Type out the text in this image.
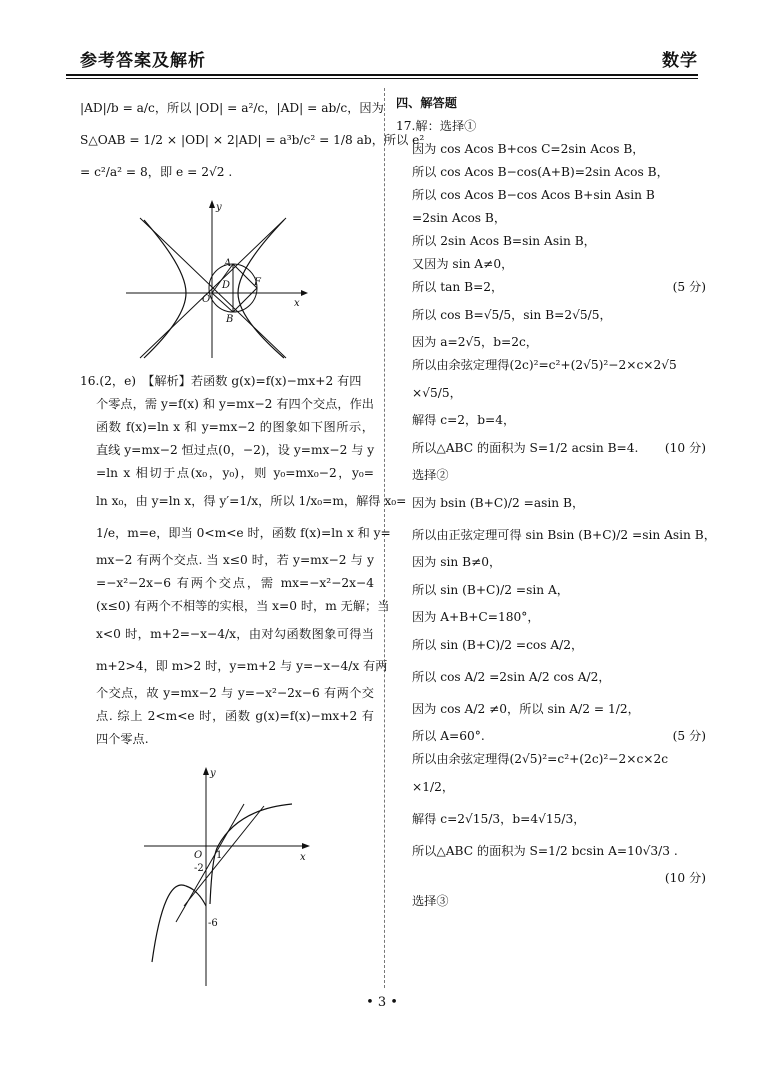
参考答案及解析	数学
|AD|/b = a/c，所以 |OD| = a²/c，|AD| = ab/c，因为
S△OAB = 1/2 × |OD| × 2|AD| = a³b/c² = 1/8 ab，所以 e²
= c²/a² = 8，即 e = 2√2 .
y
x
O
A
B
D F
16.(2，e)　【解析】若函数 g(x)=f(x)−mx+2 有四
个零点，需 y=f(x) 和 y=mx−2 有四个交点，作出
函数 f(x)=ln x 和 y=mx−2 的图象如下图所示，
直线 y=mx−2 恒过点(0，−2)，设 y=mx−2 与 y
=ln x 相切于点(x₀，y₀)，则 y₀=mx₀−2，y₀=
ln x₀，由 y=ln x，得 y′=1/x，所以 1/x₀=m，解得 x₀=
1/e，m=e，即当 0<m<e 时，函数 f(x)=ln x 和 y=
mx−2 有两个交点. 当 x≤0 时，若 y=mx−2 与 y
=−x²−2x−6 有两个交点，需 mx=−x²−2x−4
(x≤0) 有两个不相等的实根，当 x=0 时，m 无解；当
x<0 时，m+2=−x−4/x，由对勾函数图象可得当
m+2>4，即 m>2 时，y=m+2 与 y=−x−4/x 有两
个交点，故 y=mx−2 与 y=−x²−2x−6 有两个交
点. 综上 2<m<e 时，函数 g(x)=f(x)−mx+2 有
四个零点.
y
x
O 1
-2
-6
四、解答题
17.解：选择①
因为 cos Acos B+cos C=2sin Acos B，
所以 cos Acos B−cos(A+B)=2sin Acos B，
所以 cos Acos B−cos Acos B+sin Asin B
=2sin Acos B，
所以 2sin Acos B=sin Asin B，
又因为 sin A≠0，
所以 tan B=2，	(5 分)
所以 cos B=√5/5，sin B=2√5/5，
因为 a=2√5，b=2c，
所以由余弦定理得(2c)²=c²+(2√5)²−2×c×2√5
×√5/5，
解得 c=2，b=4，
所以△ABC 的面积为 S=1/2 acsin B=4. (10 分)
选择②
因为 bsin (B+C)/2 =asin B，
所以由正弦定理可得 sin Bsin (B+C)/2 =sin Asin B，
因为 sin B≠0，
所以 sin (B+C)/2 =sin A，
因为 A+B+C=180°，
所以 sin (B+C)/2 =cos A/2，
所以 cos A/2 =2sin A/2 cos A/2，
因为 cos A/2 ≠0，所以 sin A/2 = 1/2，
所以 A=60°.	(5 分)
所以由余弦定理得(2√5)²=c²+(2c)²−2×c×2c
×1/2，
解得 c=2√15/3，b=4√15/3，
所以△ABC 的面积为 S=1/2 bcsin A=10√3/3 .
(10 分)
选择③
• 3 •
